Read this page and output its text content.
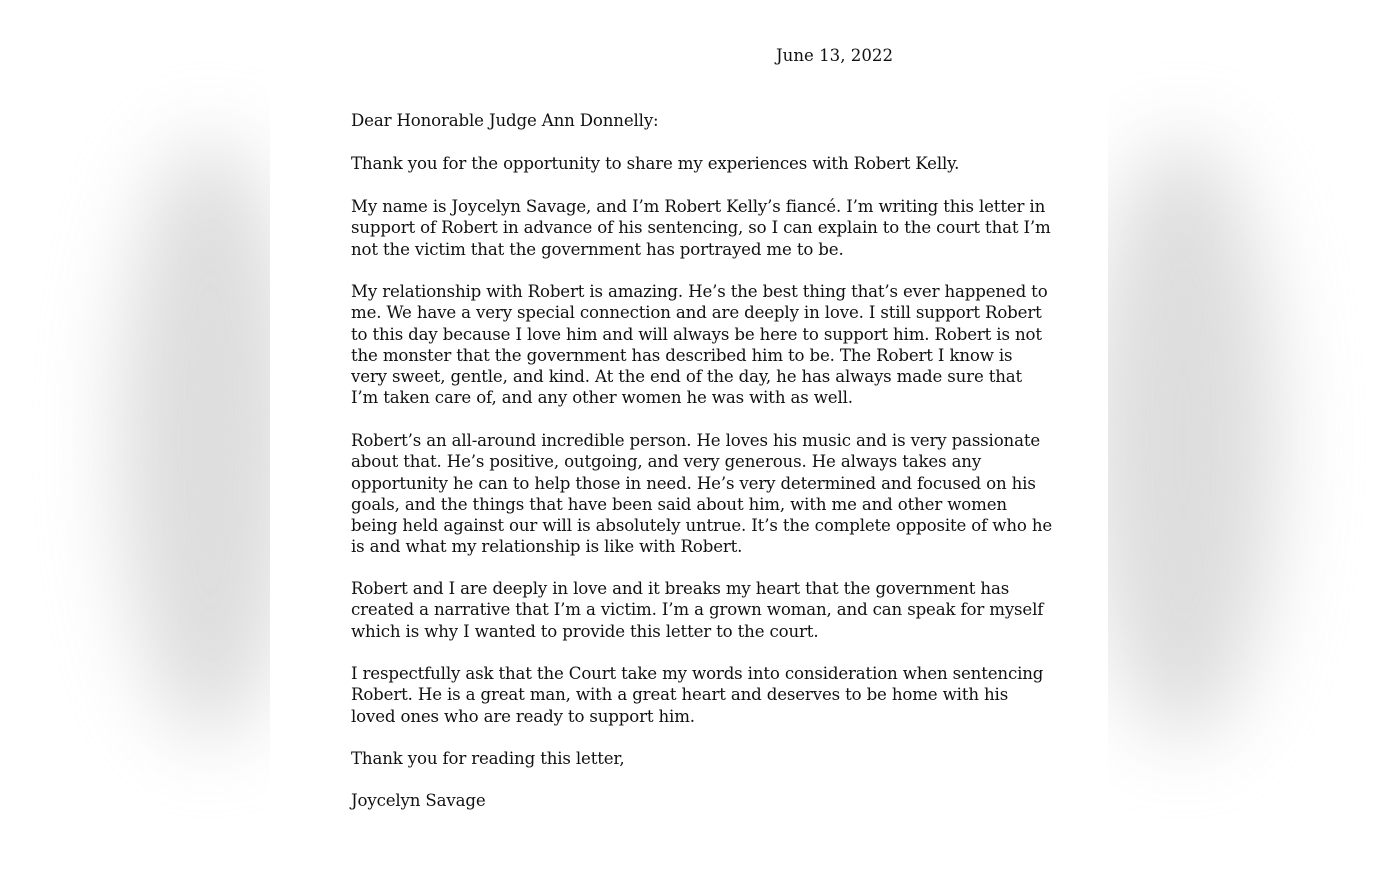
June 13, 2022
Dear Honorable Judge Ann Donnelly:
Thank you for the opportunity to share my experiences with Robert Kelly.
My name is Joycelyn Savage, and I’m Robert Kelly’s fiancé. I’m writing this letter in
support of Robert in advance of his sentencing, so I can explain to the court that I’m
not the victim that the government has portrayed me to be.
My relationship with Robert is amazing. He’s the best thing that’s ever happened to
me. We have a very special connection and are deeply in love. I still support Robert
to this day because I love him and will always be here to support him. Robert is not
the monster that the government has described him to be. The Robert I know is
very sweet, gentle, and kind. At the end of the day, he has always made sure that
I’m taken care of, and any other women he was with as well.
Robert’s an all-around incredible person. He loves his music and is very passionate
about that. He’s positive, outgoing, and very generous. He always takes any
opportunity he can to help those in need. He’s very determined and focused on his
goals, and the things that have been said about him, with me and other women
being held against our will is absolutely untrue. It’s the complete opposite of who he
is and what my relationship is like with Robert.
Robert and I are deeply in love and it breaks my heart that the government has
created a narrative that I’m a victim. I’m a grown woman, and can speak for myself
which is why I wanted to provide this letter to the court.
I respectfully ask that the Court take my words into consideration when sentencing
Robert. He is a great man, with a great heart and deserves to be home with his
loved ones who are ready to support him.
Thank you for reading this letter,
Joycelyn Savage
